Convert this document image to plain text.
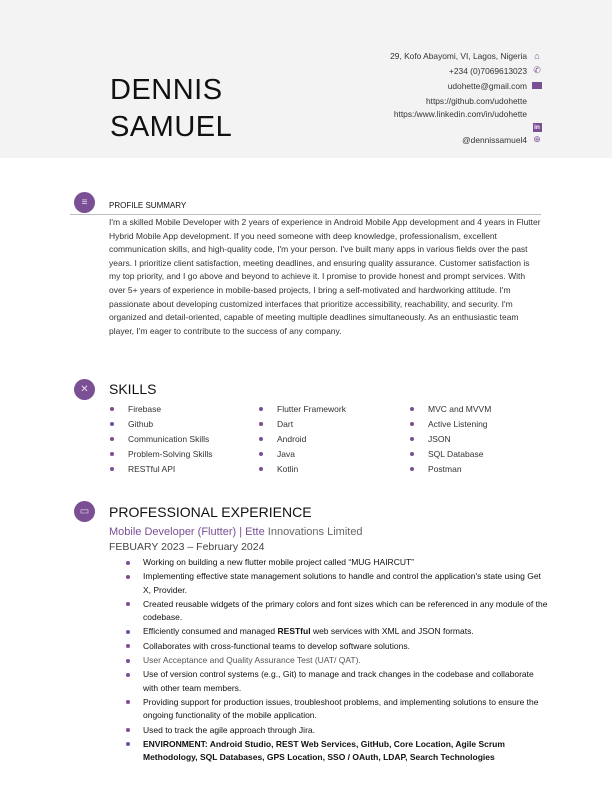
DENNIS
SAMUEL
29, Kofo Abayomi, VI, Lagos, Nigeria ⌂
+234 (0)7069613023 ✆
udohette@gmail.com
https://github.com/udohette
https:/www.linkedin.com/in/udohette
in
@dennissamuel4 ⊕
≡	PROFILE SUMMARY
I'm a skilled Mobile Developer with 2 years of experience in Android Mobile App development and 4 years in Flutter Hybrid Mobile App development. If you need someone with deep knowledge, professionalism, excellent communication skills, and high-quality code, I'm your person. I've built many apps in various fields over the past years. I prioritize client satisfaction, meeting deadlines, and ensuring quality assurance. Customer satisfaction is my top priority, and I go above and beyond to achieve it. I promise to provide honest and prompt services. With over 5+ years of experience in mobile-based projects, I bring a self-motivated and hardworking attitude. I'm passionate about developing customized interfaces that prioritize accessibility, reachability, and security. I'm organized and detail-oriented, capable of meeting multiple deadlines simultaneously. As an enthusiastic team player, I'm eager to contribute to the success of any company.
✕	SKILLS
Firebase
Github
Communication Skills
Problem-Solving Skills
RESTful API
Flutter Framework
Dart
Android
Java
Kotlin
MVC and MVVM
Active Listening
JSON
SQL Database
Postman
▭	PROFESSIONAL EXPERIENCE
Mobile Developer (Flutter) | Ette Innovations Limited
FEBUARY 2023 – February 2024
Working on building a new flutter mobile project called “MUG HAIRCUT”
Implementing effective state management solutions to handle and control the application's state using Get X, Provider.
Created reusable widgets of the primary colors and font sizes which can be referenced in any module of the codebase.
Efficiently consumed and managed RESTful web services with XML and JSON formats.
Collaborates with cross-functional teams to develop software solutions.
User Acceptance and Quality Assurance Test (UAT/ QAT).
Use of version control systems (e.g., Git) to manage and track changes in the codebase and collaborate with other team members.
Providing support for production issues, troubleshoot problems, and implementing solutions to ensure the ongoing functionality of the mobile application.
Used to track the agile approach through Jira.
ENVIRONMENT: Android Studio, REST Web Services, GitHub, Core Location, Agile Scrum Methodology, SQL Databases, GPS Location, SSO / OAuth, LDAP, Search Technologies
